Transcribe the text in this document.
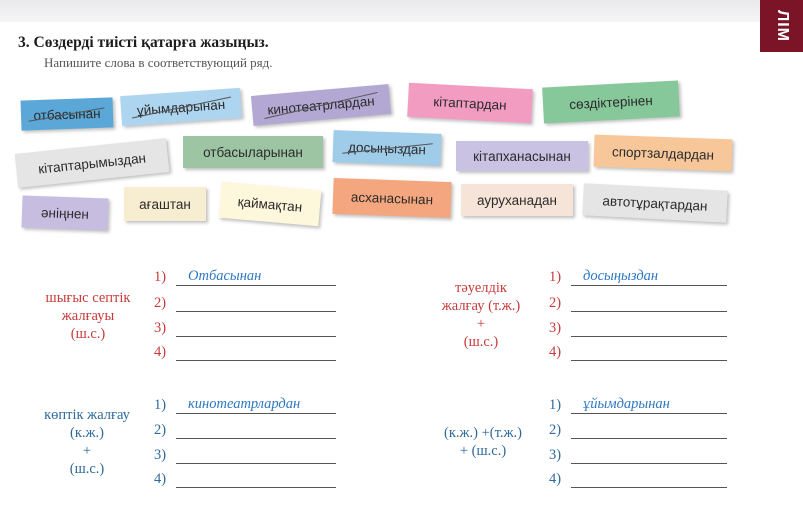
ЛІМ
3. Сөздерді тиісті қатарға жазыңыз.
Напишите слова в соответствующий ряд.
отбасынан	ұйымдарынан	кинотеатрлардан	кітаптардан	сөздіктерінен
кітаптарымыздан	отбасыларынан	досыңыздан	кітапханасынан	спортзалдардан
әніңнен
ағаштан	қаймақтан	асханасынан	ауруханадан	автотұрақтардан
шығыс септік
жалғауы
(ш.с.)
1)	Отбасынан
2)
3)
4)
тәуелдік
жалғау (т.ж.)
+
(ш.с.)
1)	досыңыздан
2)
3)
4)
көптік жалғау
(к.ж.)
+
(ш.с.)
1)	кинотеатрлардан
2)
3)
4)
(к.ж.) +(т.ж.)
+ (ш.с.)
1)	ұйымдарынан
2)
3)
4)
